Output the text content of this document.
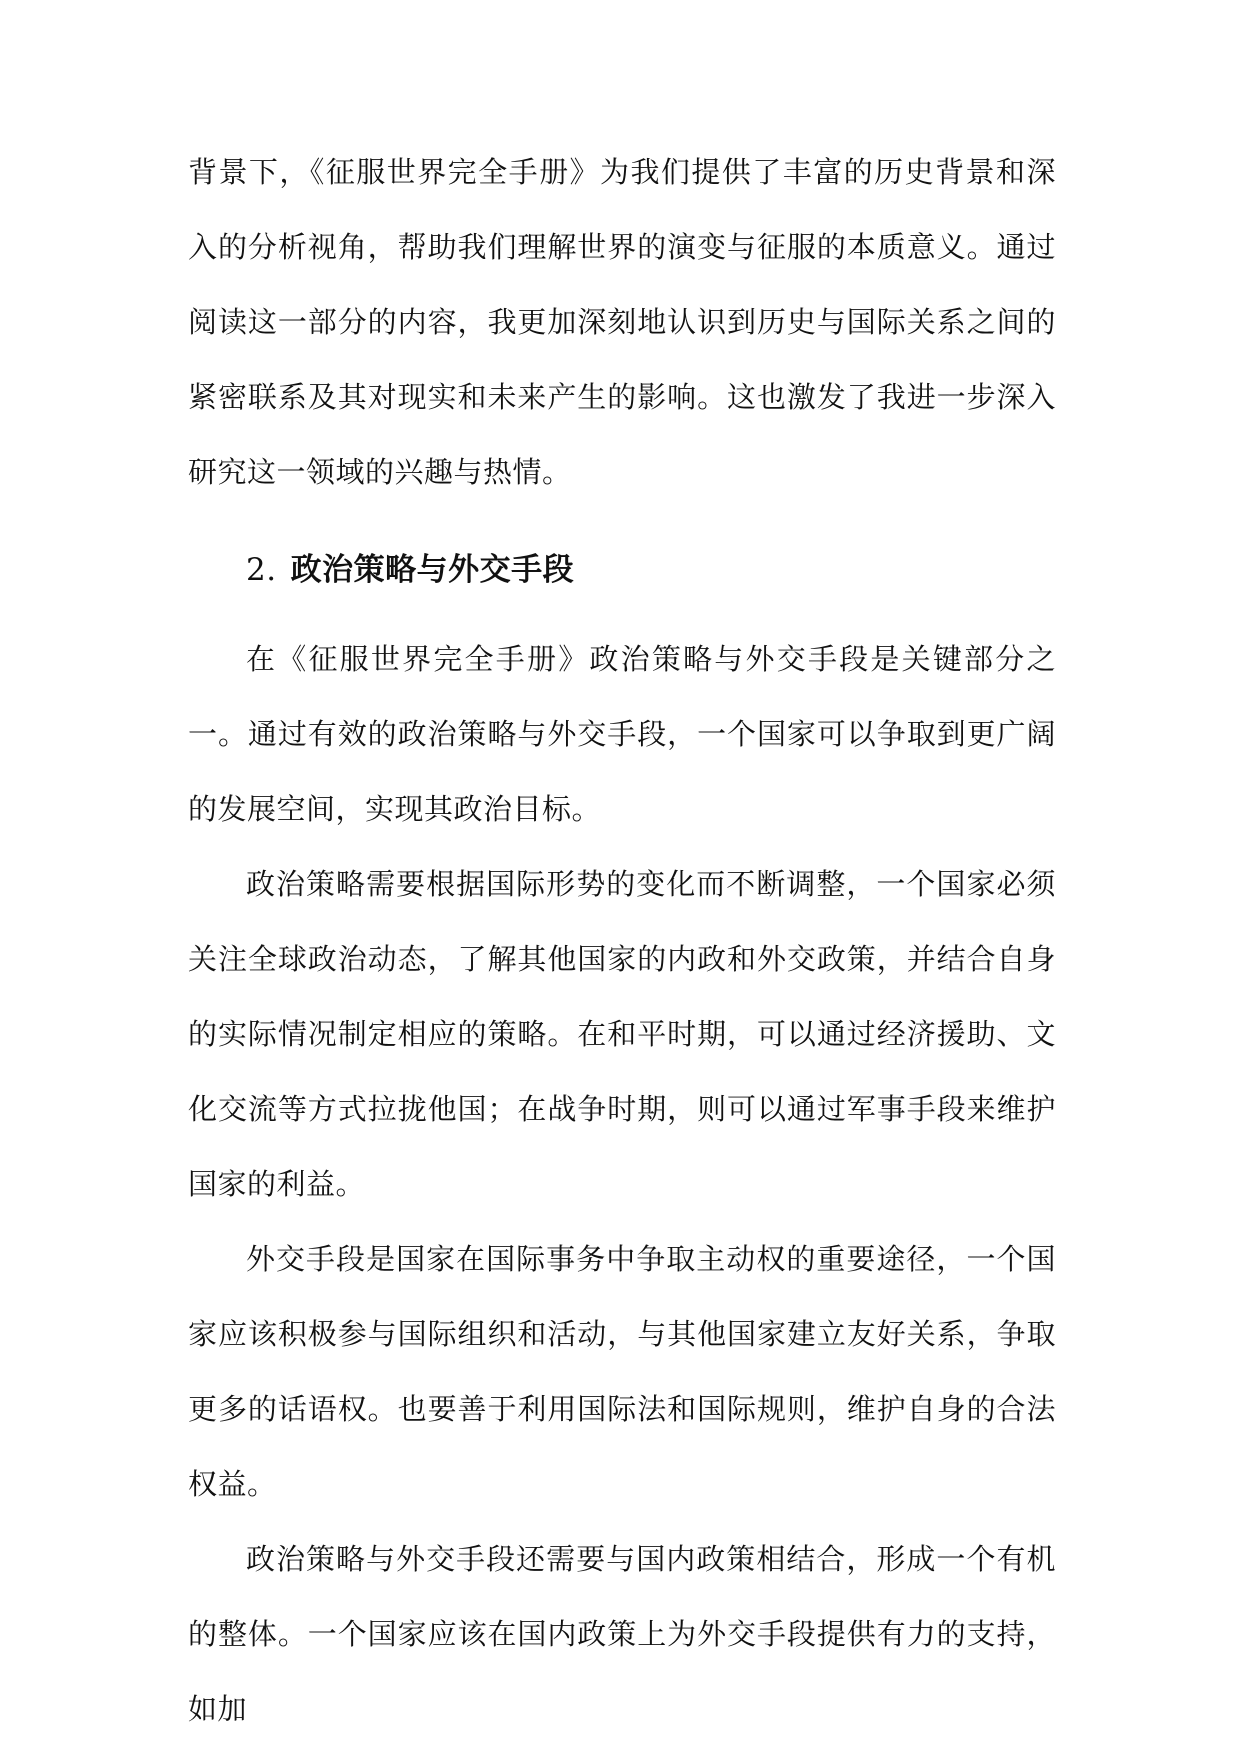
背景下，《征服世界完全手册》为我们提供了丰富的历史背景和深入的分析视角，帮助我们理解世界的演变与征服的本质意义。通过阅读这一部分的内容，我更加深刻地认识到历史与国际关系之间的紧密联系及其对现实和未来产生的影响。这也激发了我进一步深入研究这一领域的兴趣与热情。

2. 政治策略与外交手段

在《征服世界完全手册》政治策略与外交手段是关键部分之一。通过有效的政治策略与外交手段，一个国家可以争取到更广阔的发展空间，实现其政治目标。

政治策略需要根据国际形势的变化而不断调整，一个国家必须关注全球政治动态，了解其他国家的内政和外交政策，并结合自身的实际情况制定相应的策略。在和平时期，可以通过经济援助、文化交流等方式拉拢他国；在战争时期，则可以通过军事手段来维护国家的利益。

外交手段是国家在国际事务中争取主动权的重要途径，一个国家应该积极参与国际组织和活动，与其他国家建立友好关系，争取更多的话语权。也要善于利用国际法和国际规则，维护自身的合法权益。

政治策略与外交手段还需要与国内政策相结合，形成一个有机的整体。一个国家应该在国内政策上为外交手段提供有力的支持，如加
